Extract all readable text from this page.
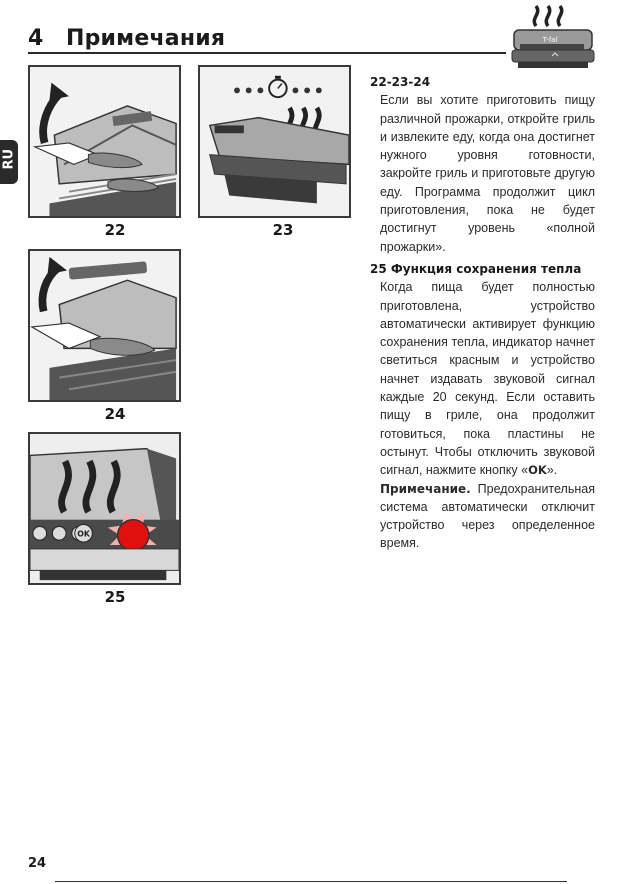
4 Примечания	T-fal
RU
22	23
24
OK
25

22-23-24

Если вы хотите приготовить пищу различной прожарки, откройте гриль и извлеките еду, когда она достигнет нужного уровня готовности, закройте гриль и приготовьте другую еду. Программа продолжит цикл приготовления, пока не будет достигнут уровень «полной прожарки».

25 Функция сохранения тепла

Когда пища будет полностью приготовлена, устройство автоматически активирует функцию сохранения тепла, индикатор начнет светиться красным и устройство начнет издавать звуковой сигнал каждые 20 секунд. Если оставить пищу в гриле, она продолжит готовиться, пока пластины не остынут. Чтобы отключить звуковой сигнал, нажмите кнопку «OK».

Примечание. Предохранительная система автоматически отключит устройство через определенное время.

24
